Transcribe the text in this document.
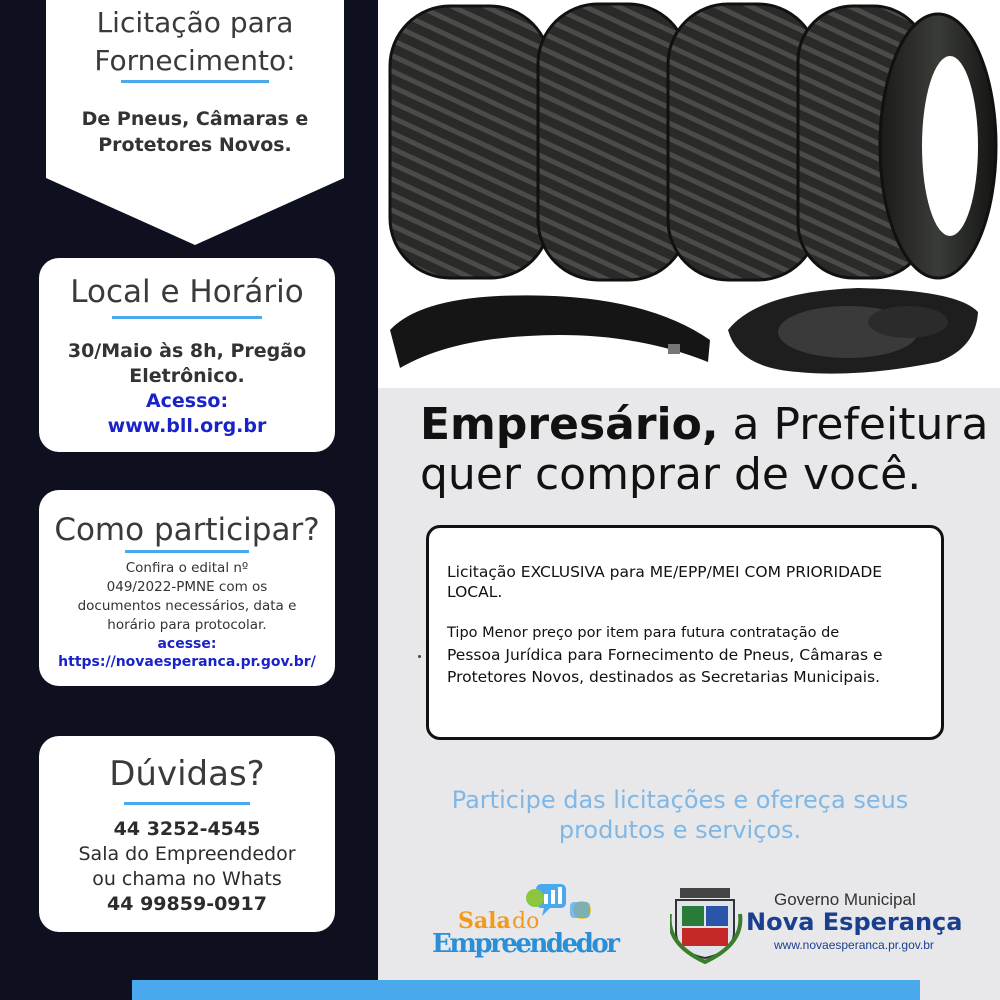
Licitação para
Fornecimento:
De Pneus, Câmaras e
Protetores Novos.
Local e Horário
30/Maio às 8h, Pregão
Eletrônico.
Acesso:
www.bll.org.br
Como participar?
Confira o edital nº
049/2022-PMNE com os
documentos necessários, data e
horário para protocolar.
acesse:
https://novaesperanca.pr.gov.br/
Dúvidas?
44 3252-4545
Sala do Empreendedor
ou chama no Whats
44 99859-0917
Empresário, a Prefeitura
quer comprar de você.
Licitação EXCLUSIVA para ME/EPP/MEI COM PRIORIDADE LOCAL.
Tipo Menor preço por item para futura contratação de
Pessoa Jurídica para Fornecimento de Pneus, Câmaras e
Protetores Novos, destinados as Secretarias Municipais.
Participe das licitações e ofereça seus
produtos e serviços.
Sala do
Empreendedor
Governo Municipal
Nova Esperança
www.novaesperanca.pr.gov.br
